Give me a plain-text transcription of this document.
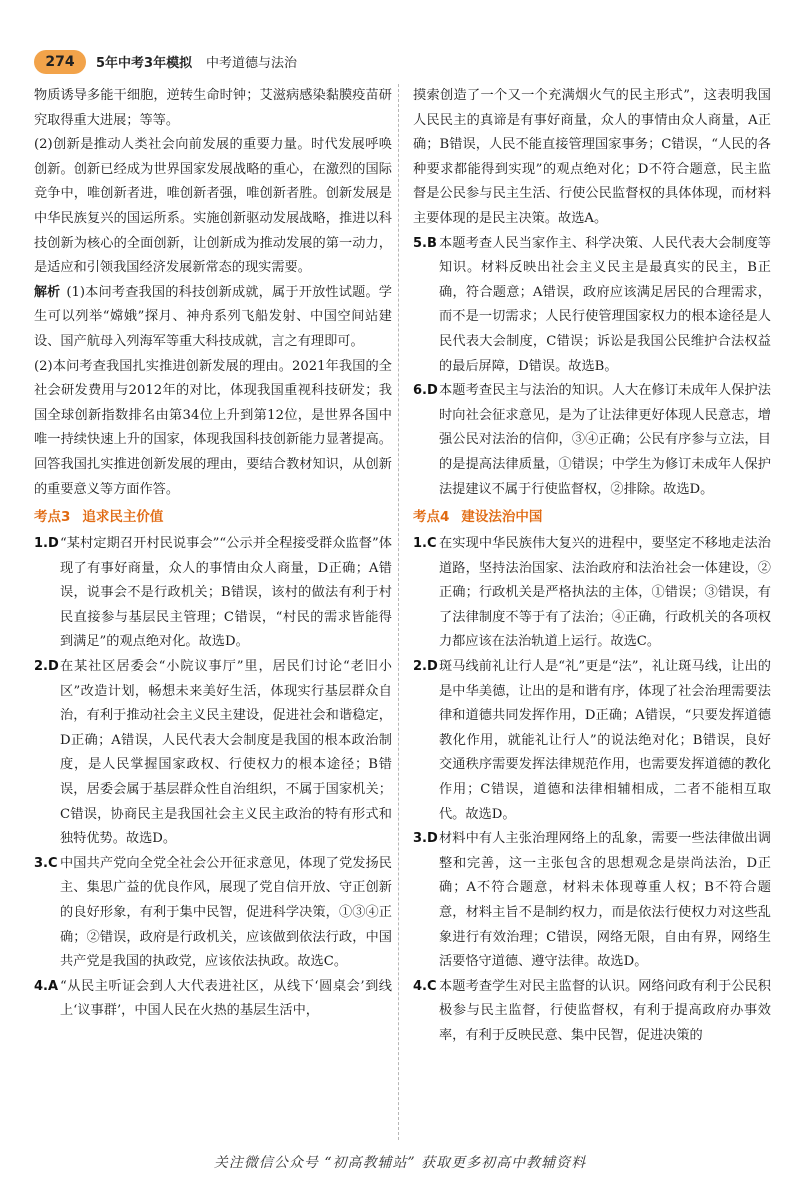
274	5年中考3年模拟 中考道德与法治

物质诱导多能干细胞，逆转生命时钟；艾滋病感染黏膜疫苗研究取得重大进展；等等。

(2)创新是推动人类社会向前发展的重要力量。时代发展呼唤创新。创新已经成为世界国家发展战略的重心，在激烈的国际竞争中，唯创新者进，唯创新者强，唯创新者胜。创新发展是中华民族复兴的国运所系。实施创新驱动发展战略，推进以科技创新为核心的全面创新，让创新成为推动发展的第一动力，是适应和引领我国经济发展新常态的现实需要。

解析 (1)本问考查我国的科技创新成就，属于开放性试题。学生可以列举“嫦娥”探月、神舟系列飞船发射、中国空间站建设、国产航母入列海军等重大科技成就，言之有理即可。

(2)本问考查我国扎实推进创新发展的理由。2021年我国的全社会研发费用与2012年的对比，体现我国重视科技研发；我国全球创新指数排名由第34位上升到第12位，是世界各国中唯一持续快速上升的国家，体现我国科技创新能力显著提高。回答我国扎实推进创新发展的理由，要结合教材知识，从创新的重要意义等方面作答。

考点3 追求民主价值
1.D “某村定期召开村民说事会”“公示并全程接受群众监督”体现了有事好商量，众人的事情由众人商量，D正确；A错误，说事会不是行政机关；B错误，该村的做法有利于村民直接参与基层民主管理；C错误，“村民的需求皆能得到满足”的观点绝对化。故选D。
2.D 在某社区居委会“小院议事厅”里，居民们讨论“老旧小区”改造计划，畅想未来美好生活，体现实行基层群众自治，有利于推动社会主义民主建设，促进社会和谐稳定，D正确；A错误，人民代表大会制度是我国的根本政治制度，是人民掌握国家政权、行使权力的根本途径；B错误，居委会属于基层群众性自治组织，不属于国家机关；C错误，协商民主是我国社会主义民主政治的特有形式和独特优势。故选D。
3.C 中国共产党向全党全社会公开征求意见，体现了党发扬民主、集思广益的优良作风，展现了党自信开放、守正创新的良好形象，有利于集中民智，促进科学决策，①③④正确；②错误，政府是行政机关，应该做到依法行政，中国共产党是我国的执政党，应该依法执政。故选C。
4.A “从民主听证会到人大代表进社区，从线下‘圆桌会’到线上‘议事群’，中国人民在火热的基层生活中，

摸索创造了一个又一个充满烟火气的民主形式”，这表明我国人民民主的真谛是有事好商量，众人的事情由众人商量，A正确；B错误，人民不能直接管理国家事务；C错误，“人民的各种要求都能得到实现”的观点绝对化；D不符合题意，民主监督是公民参与民主生活、行使公民监督权的具体体现，而材料主要体现的是民主决策。故选A。

5.B 本题考查人民当家作主、科学决策、人民代表大会制度等知识。材料反映出社会主义民主是最真实的民主，B正确，符合题意；A错误，政府应该满足居民的合理需求，而不是一切需求；人民行使管理国家权力的根本途径是人民代表大会制度，C错误；诉讼是我国公民维护合法权益的最后屏障，D错误。故选B。
6.D 本题考查民主与法治的知识。人大在修订未成年人保护法时向社会征求意见，是为了让法律更好体现人民意志，增强公民对法治的信仰，③④正确；公民有序参与立法，目的是提高法律质量，①错误；中学生为修订未成年人保护法提建议不属于行使监督权，②排除。故选D。
考点4 建设法治中国
1.C 在实现中华民族伟大复兴的进程中，要坚定不移地走法治道路，坚持法治国家、法治政府和法治社会一体建设，②正确；行政机关是严格执法的主体，①错误；③错误，有了法律制度不等于有了法治；④正确，行政机关的各项权力都应该在法治轨道上运行。故选C。
2.D 斑马线前礼让行人是“礼”更是“法”，礼让斑马线，让出的是中华美德，让出的是和谐有序，体现了社会治理需要法律和道德共同发挥作用，D正确；A错误，“只要发挥道德教化作用，就能礼让行人”的说法绝对化；B错误，良好交通秩序需要发挥法律规范作用，也需要发挥道德的教化作用；C错误，道德和法律相辅相成，二者不能相互取代。故选D。
3.D 材料中有人主张治理网络上的乱象，需要一些法律做出调整和完善，这一主张包含的思想观念是崇尚法治，D正确；A不符合题意，材料未体现尊重人权；B不符合题意，材料主旨不是制约权力，而是依法行使权力对这些乱象进行有效治理；C错误，网络无限，自由有界，网络生活要恪守道德、遵守法律。故选D。
4.C 本题考查学生对民主监督的认识。网络问政有利于公民积极参与民主监督，行使监督权，有利于提高政府办事效率，有利于反映民意、集中民智，促进决策的
关注微信公众号 “初高教辅站” 获取更多初高中教辅资料
